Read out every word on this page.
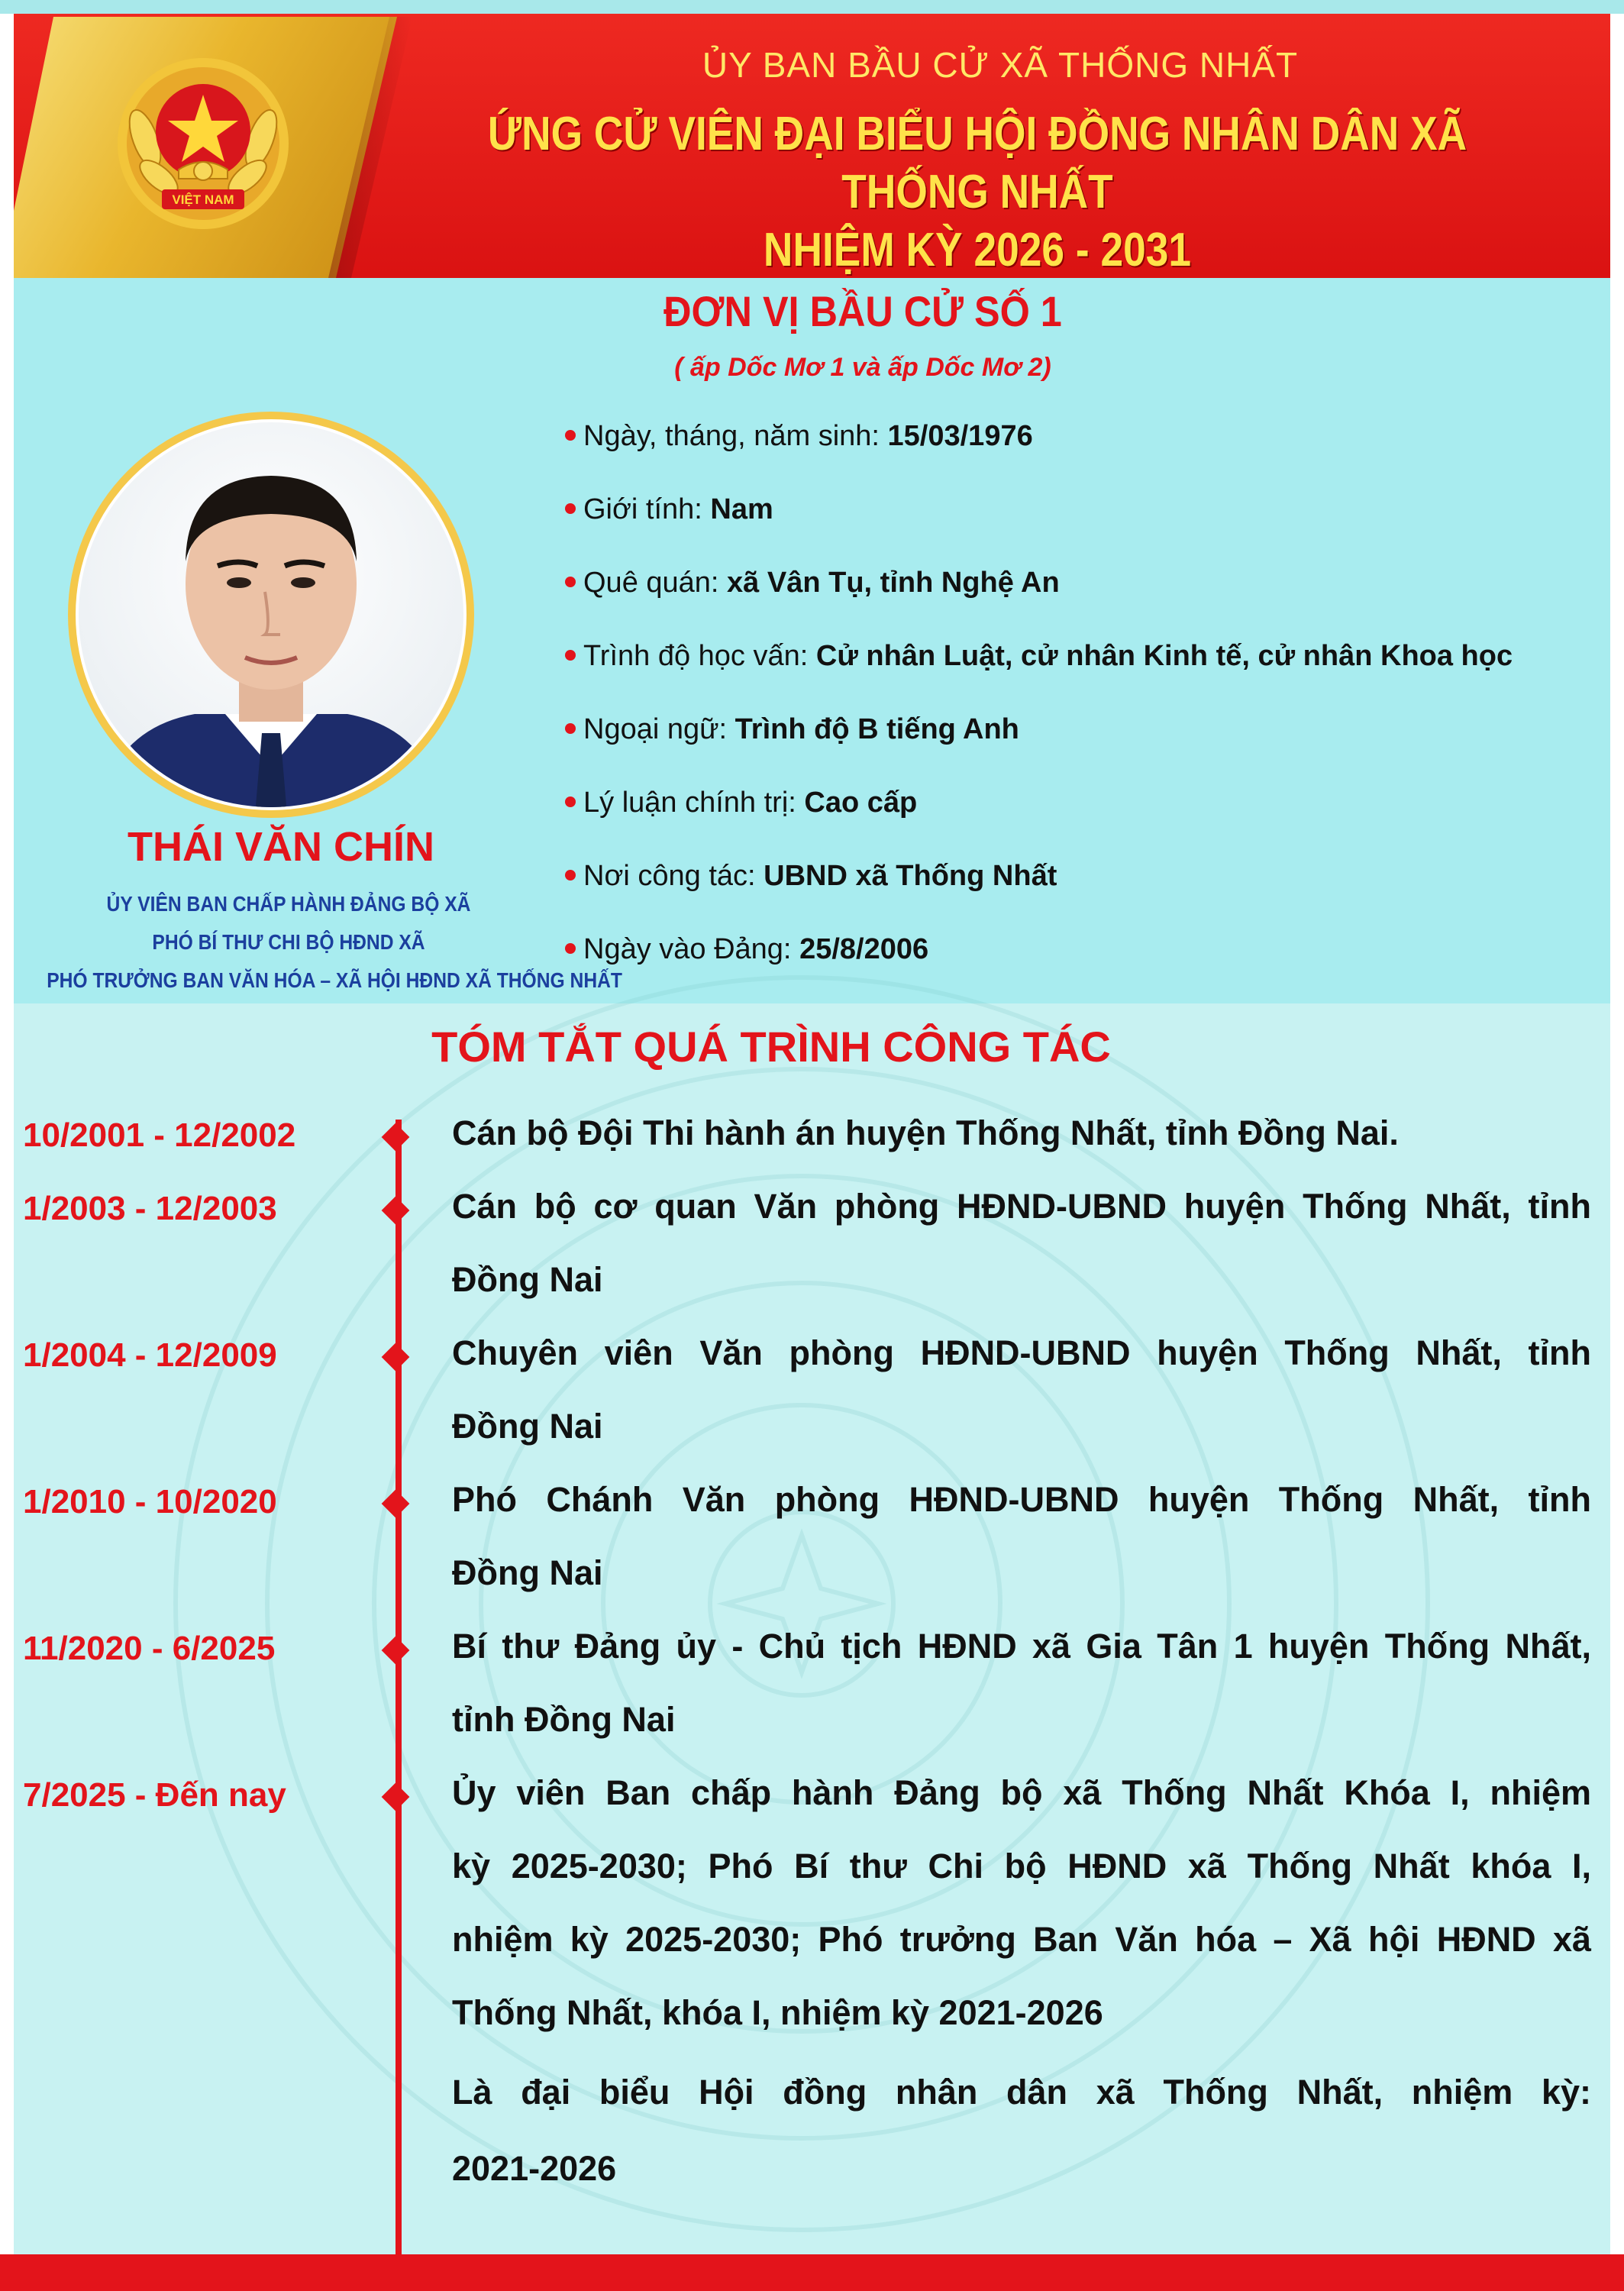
VIỆT NAM
ỦY BAN BẦU CỬ XÃ THỐNG NHẤT
ỨNG CỬ VIÊN ĐẠI BIỂU HỘI ĐỒNG NHÂN DÂN XÃ THỐNG NHẤT
NHIỆM KỲ 2026 - 2031
ĐƠN VỊ BẦU CỬ SỐ 1
( ấp Dốc Mơ 1 và ấp Dốc Mơ 2)
THÁI VĂN CHÍN
ỦY VIÊN BAN CHẤP HÀNH ĐẢNG BỘ XÃ
PHÓ BÍ THƯ CHI BỘ HĐND XÃ
PHÓ TRƯỞNG BAN VĂN HÓA – XÃ HỘI HĐND XÃ THỐNG NHẤT
Ngày, tháng, năm sinh: 15/03/1976
Giới tính: Nam
Quê quán: xã Vân Tụ, tỉnh Nghệ An
Trình độ học vấn: Cử nhân Luật, cử nhân Kinh tế, cử nhân Khoa học
Ngoại ngữ: Trình độ B tiếng Anh
Lý luận chính trị: Cao cấp
Nơi công tác: UBND xã Thống Nhất
Ngày vào Đảng: 25/8/2006
TÓM TẮT QUÁ TRÌNH CÔNG TÁC
10/2001 - 12/2002	Cán bộ Đội Thi hành án huyện Thống Nhất, tỉnh Đồng Nai.
1/2003 - 12/2003	Cán bộ cơ quan Văn phòng HĐND-UBND huyện Thống Nhất, tỉnh
Đồng Nai
1/2004 - 12/2009	Chuyên viên Văn phòng HĐND-UBND huyện Thống Nhất, tỉnh
Đồng Nai
1/2010 - 10/2020	Phó Chánh Văn phòng HĐND-UBND huyện Thống Nhất, tỉnh
Đồng Nai
11/2020 - 6/2025	Bí thư Đảng ủy - Chủ tịch HĐND xã Gia Tân 1 huyện Thống Nhất,
tỉnh Đồng Nai
7/2025 - Đến nay	Ủy viên Ban chấp hành Đảng bộ xã Thống Nhất Khóa I, nhiệm
kỳ 2025-2030; Phó Bí thư Chi bộ HĐND xã Thống Nhất khóa I,
nhiệm kỳ 2025-2030; Phó trưởng Ban Văn hóa – Xã hội HĐND xã
Thống Nhất, khóa I, nhiệm kỳ 2021-2026
Là đại biểu Hội đồng nhân dân xã Thống Nhất, nhiệm kỳ:
2021-2026
